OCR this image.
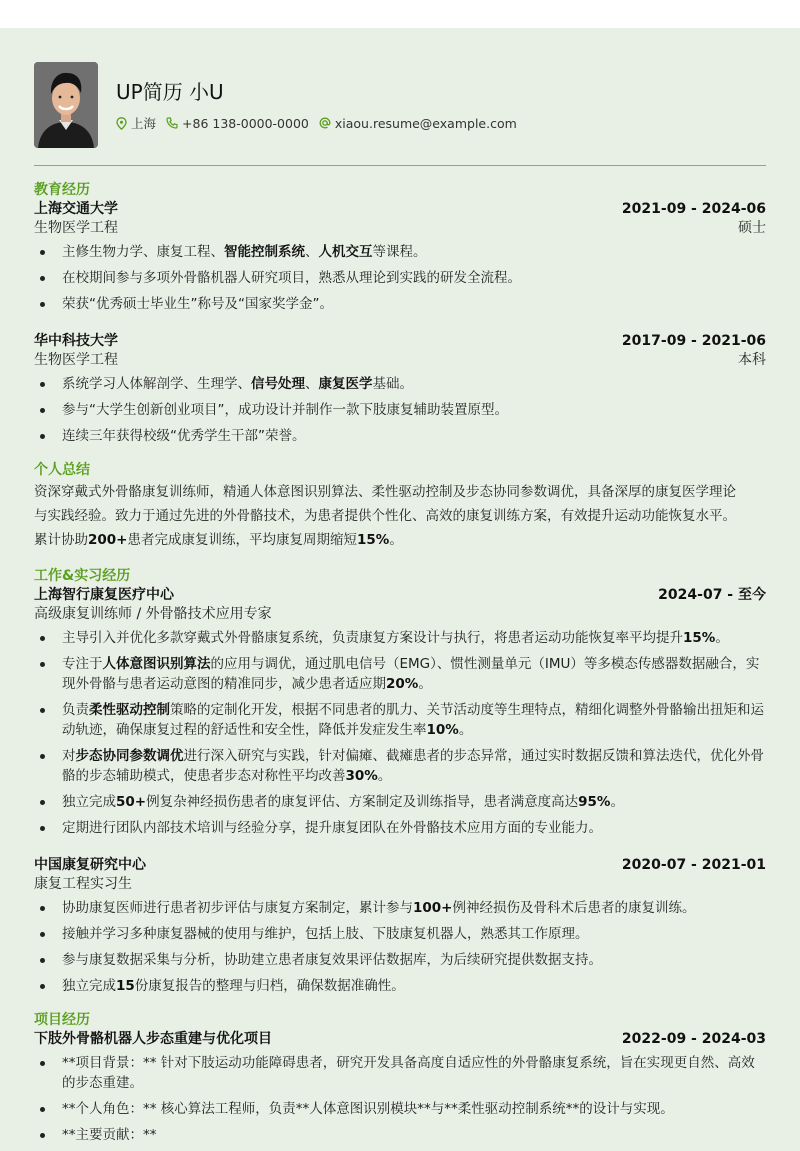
UP简历 小U
上海 +86 138-0000-0000 xiaou.resume@example.com
教育经历
上海交通大学	2021-09 - 2024-06
生物医学工程	硕士
主修生物力学、康复工程、智能控制系统、人机交互等课程。
在校期间参与多项外骨骼机器人研究项目，熟悉从理论到实践的研发全流程。
荣获“优秀硕士毕业生”称号及“国家奖学金”。
华中科技大学	2017-09 - 2021-06
生物医学工程	本科
系统学习人体解剖学、生理学、信号处理、康复医学基础。
参与“大学生创新创业项目”，成功设计并制作一款下肢康复辅助装置原型。
连续三年获得校级“优秀学生干部”荣誉。
个人总结
资深穿戴式外骨骼康复训练师，精通人体意图识别算法、柔性驱动控制及步态协同参数调优，具备深厚的康复医学理论
与实践经验。致力于通过先进的外骨骼技术，为患者提供个性化、高效的康复训练方案，有效提升运动功能恢复水平。
累计协助200+患者完成康复训练，平均康复周期缩短15%。
工作&实习经历
上海智行康复医疗中心	2024-07 - 至今
高级康复训练师 / 外骨骼技术应用专家
主导引入并优化多款穿戴式外骨骼康复系统，负责康复方案设计与执行，将患者运动功能恢复率平均提升15%。
专注于人体意图识别算法的应用与调优，通过肌电信号（EMG）、惯性测量单元（IMU）等多模态传感器数据融合，实现外骨骼与患者运动意图的精准同步，减少患者适应期20%。
负责柔性驱动控制策略的定制化开发，根据不同患者的肌力、关节活动度等生理特点，精细化调整外骨骼输出扭矩和运动轨迹，确保康复过程的舒适性和安全性，降低并发症发生率10%。
对步态协同参数调优进行深入研究与实践，针对偏瘫、截瘫患者的步态异常，通过实时数据反馈和算法迭代，优化外骨骼的步态辅助模式，使患者步态对称性平均改善30%。
独立完成50+例复杂神经损伤患者的康复评估、方案制定及训练指导，患者满意度高达95%。
定期进行团队内部技术培训与经验分享，提升康复团队在外骨骼技术应用方面的专业能力。
中国康复研究中心	2020-07 - 2021-01
康复工程实习生
协助康复医师进行患者初步评估与康复方案制定，累计参与100+例神经损伤及骨科术后患者的康复训练。
接触并学习多种康复器械的使用与维护，包括上肢、下肢康复机器人，熟悉其工作原理。
参与康复数据采集与分析，协助建立患者康复效果评估数据库，为后续研究提供数据支持。
独立完成15份康复报告的整理与归档，确保数据准确性。
项目经历
下肢外骨骼机器人步态重建与优化项目	2022-09 - 2024-03
**项目背景：** 针对下肢运动功能障碍患者，研究开发具备高度自适应性的外骨骼康复系统，旨在实现更自然、高效的步态重建。
**个人角色：** 核心算法工程师，负责**人体意图识别模块**与**柔性驱动控制系统**的设计与实现。
**主要贡献：**
